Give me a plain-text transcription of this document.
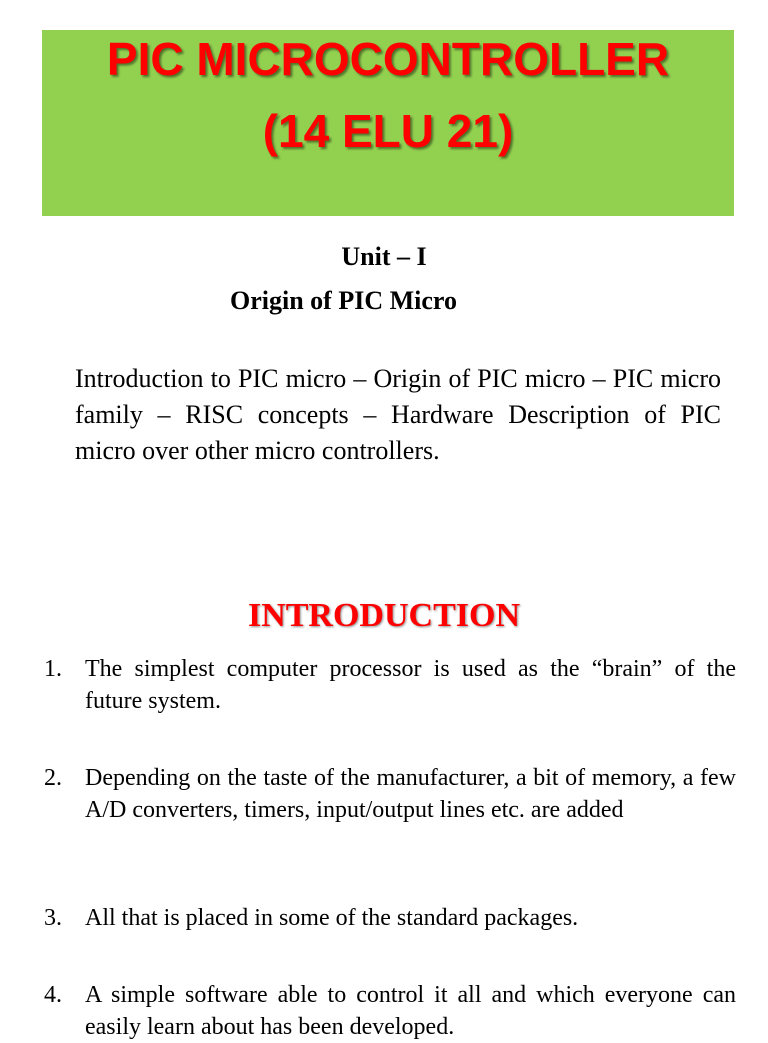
PIC MICROCONTROLLER
(14 ELU 21)
Unit – I
Origin of PIC Micro
Introduction to PIC micro – Origin of PIC micro – PIC micro family – RISC concepts – Hardware Description of PIC micro over other micro controllers.
INTRODUCTION
1. The simplest computer processor is used as the “brain” of the future system.
2. Depending on the taste of the manufacturer, a bit of memory, a few A/D converters, timers, input/output lines etc. are added
3. All that is placed in some of the standard packages.
4. A simple software able to control it all and which everyone can easily learn about has been developed.
